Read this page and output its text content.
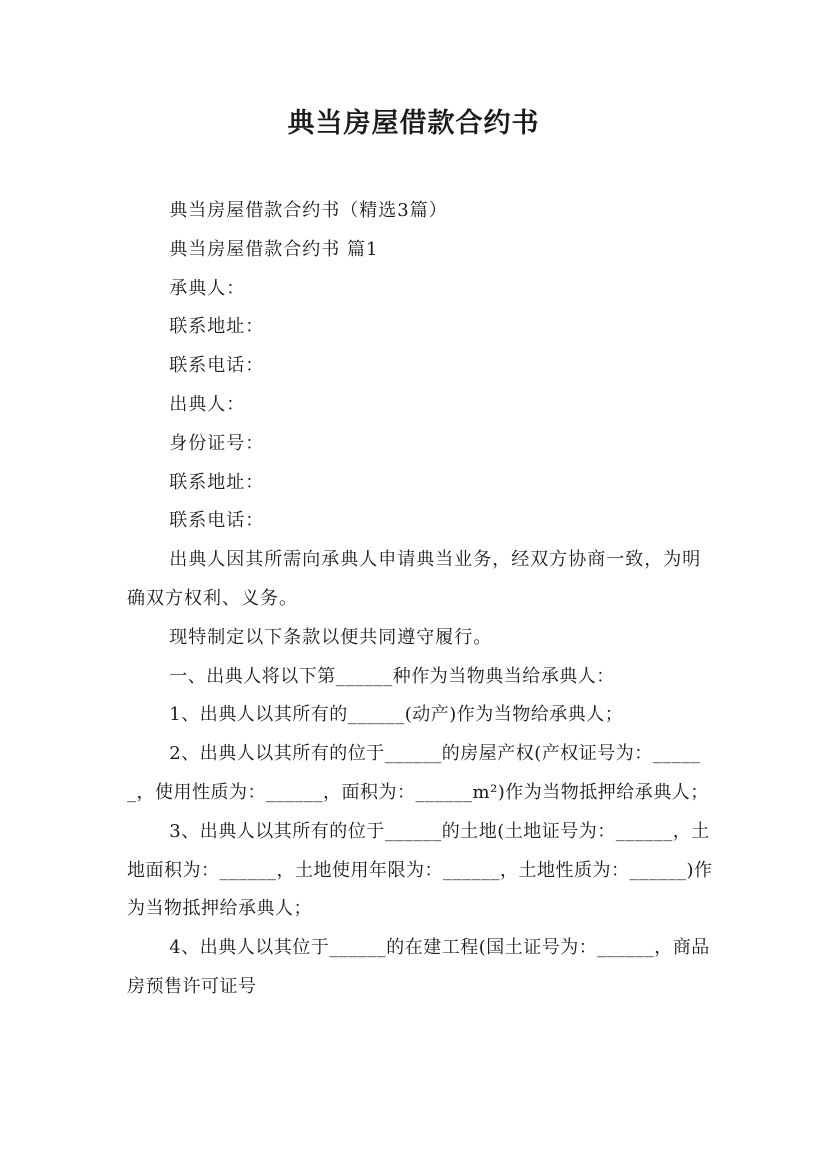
典当房屋借款合约书

典当房屋借款合约书（精选3篇）

典当房屋借款合约书 篇1

承典人：

联系地址：

联系电话：

出典人：

身份证号：

联系地址：

联系电话：

出典人因其所需向承典人申请典当业务，经双方协商一致，为明确双方权利、义务。

现特制定以下条款以便共同遵守履行。

一、出典人将以下第______种作为当物典当给承典人：

1、出典人以其所有的______(动产)作为当物给承典人；

2、出典人以其所有的位于______的房屋产权(产权证号为：______，使用性质为：______，面积为：______m²)作为当物抵押给承典人；

3、出典人以其所有的位于______的土地(土地证号为：______，土地面积为：______，土地使用年限为：______，土地性质为：______)作为当物抵押给承典人；

4、出典人以其位于______的在建工程(国土证号为：______，商品房预售许可证号
